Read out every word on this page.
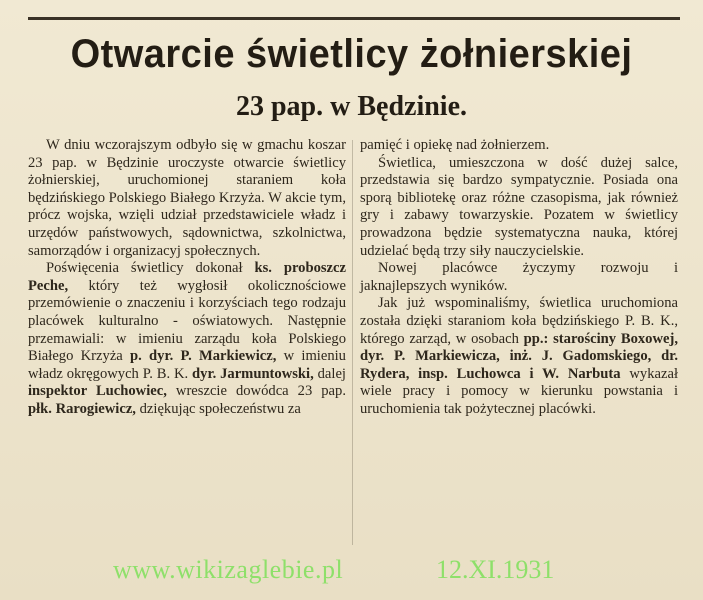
Otwarcie świetlicy żołnierskiej
23 pap. w Będzinie.

W dniu wczorajszym odbyło się w gmachu koszar 23 pap. w Będzinie uroczyste otwarcie świetlicy żołnierskiej, uruchomionej staraniem koła będzińskiego Polskiego Białego Krzyża. W akcie tym, prócz wojska, wzięli udział przedstawiciele władz i urzędów państwowych, sądownictwa, szkolnictwa, samorządów i organizacyj społecznych.

Poświęcenia świetlicy dokonał ks. proboszcz Peche, który też wygłosił okolicznościowe przemówienie o znaczeniu i korzyściach tego rodzaju placówek kulturalno - oświatowych. Następnie przemawiali: w imieniu zarządu koła Polskiego Białego Krzyża p. dyr. P. Markiewicz, w imieniu władz okręgowych P. B. K. dyr. Jarmuntowski, dalej inspektor Luchowiec, wreszcie dowódca 23 pap. płk. Rarogiewicz, dziękując społeczeństwu za

pamięć i opiekę nad żołnierzem.

Świetlica, umieszczona w dość dużej salce, przedstawia się bardzo sympatycznie. Posiada ona sporą bibliotekę oraz różne czasopisma, jak również gry i zabawy towarzyskie. Pozatem w świetlicy prowadzona będzie systematyczna nauka, której udzielać będą trzy siły nauczycielskie.

Nowej placówce życzymy rozwoju i jaknajlepszych wyników.

Jak już wspominaliśmy, świetlica uruchomiona została dzięki staraniom koła będzińskiego P. B. K., którego zarząd, w osobach pp.: starościny Boxowej, dyr. P. Markiewicza, inż. J. Gadomskiego, dr. Rydera, insp. Luchowca i W. Narbuta wykazał wiele pracy i pomocy w kierunku powstania i uruchomienia tak pożytecznej placówki.

www.wikizaglebie.pl	12.XI.1931
